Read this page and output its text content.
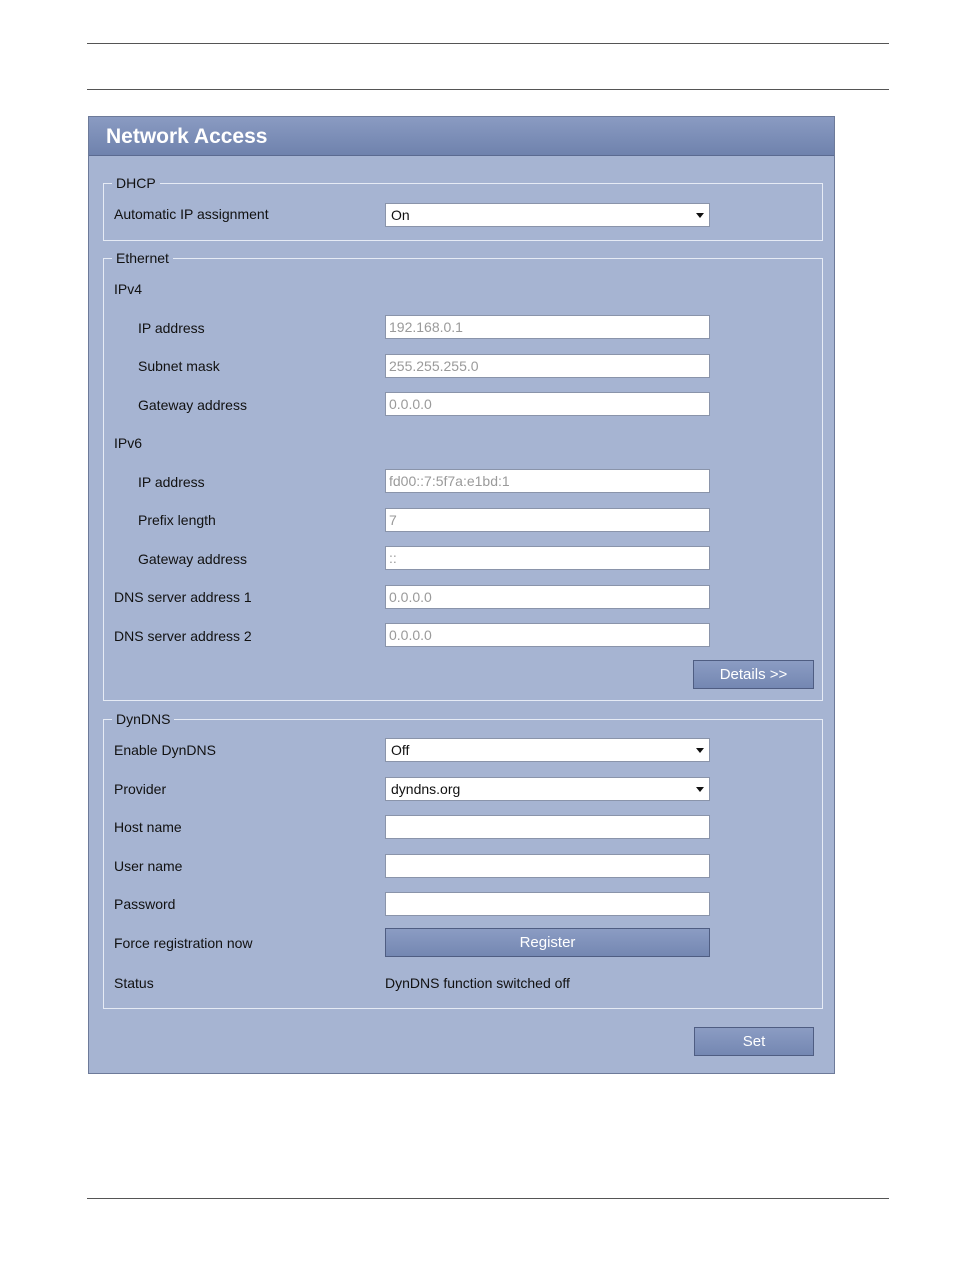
Network Access
DHCP
Automatic IP assignment	On
Ethernet
IPv4
IP address	192.168.0.1
Subnet mask	255.255.255.0
Gateway address	0.0.0.0
IPv6
IP address	fd00::7:5f7a:e1bd:1
Prefix length	7
Gateway address	::
DNS server address 1	0.0.0.0
DNS server address 2	0.0.0.0
Details >>
DynDNS
Enable DynDNS	Off
Provider	dyndns.org
Host name
User name
Password
Force registration now	Register
Status	DynDNS function switched off
Set
